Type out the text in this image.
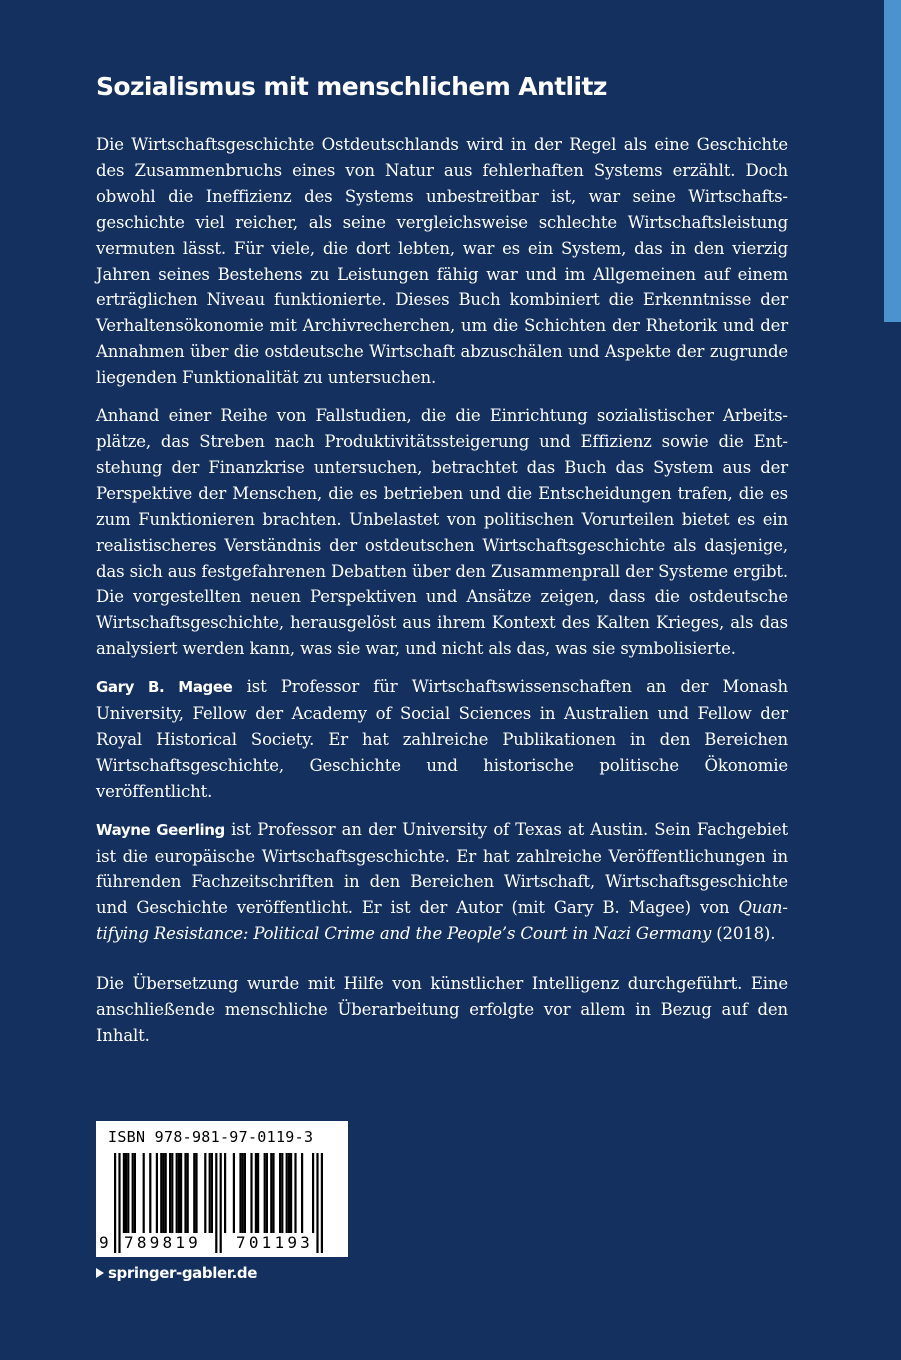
Sozialismus mit menschlichem Antlitz

Die Wirtschaftsgeschichte Ostdeutschlands wird in der Regel als eine Geschichte des Zusammenbruchs eines von Natur aus fehlerhaften Systems erzählt. Doch obwohl die Ineffizienz des Systems unbestreitbar ist, war seine Wirtschaftsgeschichte viel reicher, als seine vergleichsweise schlechte Wirtschaftsleistung vermuten lässt. Für viele, die dort lebten, war es ein System, das in den vierzig Jahren seines Bestehens zu Leistungen fähig war und im Allgemeinen auf einem erträglichen Niveau funktionierte. Dieses Buch kombiniert die Erkenntnisse der Verhaltensökonomie mit Archivrecherchen, um die Schichten der Rhetorik und der Annahmen über die ostdeutsche Wirtschaft abzuschälen und Aspekte der zugrunde liegenden Funktionalität zu untersuchen.

Anhand einer Reihe von Fallstudien, die die Einrichtung sozialistischer Arbeitsplätze, das Streben nach Produktivitätssteigerung und Effizienz sowie die Entstehung der Finanzkrise untersuchen, betrachtet das Buch das System aus der Perspektive der Menschen, die es betrieben und die Entscheidungen trafen, die es zum Funktionieren brachten. Unbelastet von politischen Vorurteilen bietet es ein realistischeres Verständnis der ostdeutschen Wirtschaftsgeschichte als dasjenige, das sich aus festgefahrenen Debatten über den Zusammenprall der Systeme ergibt. Die vorgestellten neuen Perspektiven und Ansätze zeigen, dass die ostdeutsche Wirtschaftsgeschichte, herausgelöst aus ihrem Kontext des Kalten Krieges, als das analysiert werden kann, was sie war, und nicht als das, was sie symbolisierte.

Gary B. Magee ist Professor für Wirtschaftswissenschaften an der Monash University, Fellow der Academy of Social Sciences in Australien und Fellow der Royal Historical Society. Er hat zahlreiche Publikationen in den Bereichen Wirtschaftsgeschichte, Geschichte und historische politische Ökonomie veröffentlicht.

Wayne Geerling ist Professor an der University of Texas at Austin. Sein Fachgebiet ist die europäische Wirtschaftsgeschichte. Er hat zahlreiche Veröffentlichungen in führenden Fachzeitschriften in den Bereichen Wirtschaft, Wirtschaftsgeschichte und Geschichte veröffentlicht. Er ist der Autor (mit Gary B. Magee) von Quantifying Resistance: Political Crime and the People’s Court in Nazi Germany (2018).

Die Übersetzung wurde mit Hilfe von künstlicher Intelligenz durchgeführt. Eine anschließende menschliche Überarbeitung erfolgte vor allem in Bezug auf den Inhalt.

ISBN 978-981-97-0119-3
9 789819 701193
springer-gabler.de
